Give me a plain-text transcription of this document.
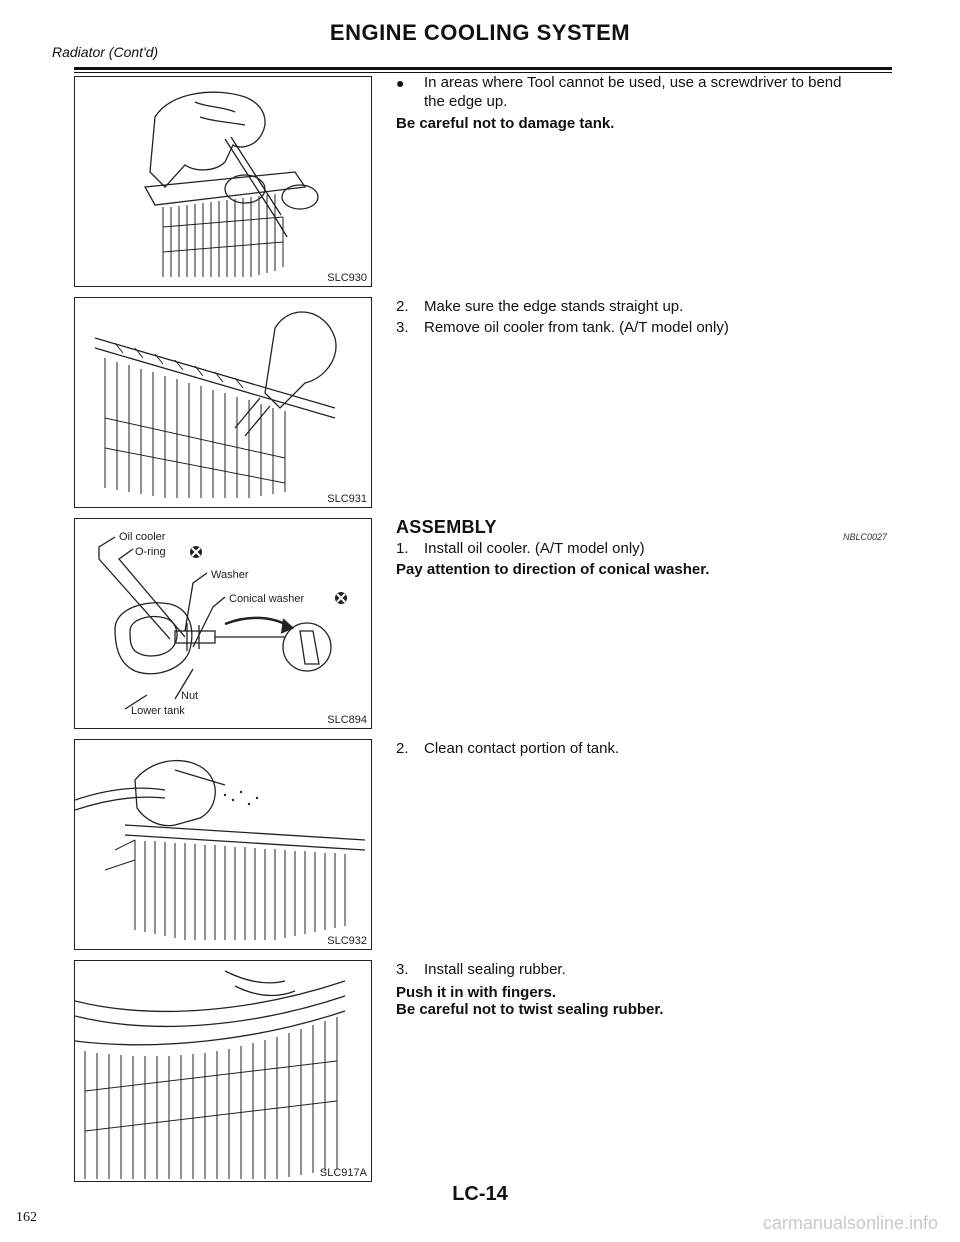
ENGINE COOLING SYSTEM
Radiator (Cont'd)
SLC930
SLC931
Oil cooler
O-ring
Washer
Conical washer
Nut
Lower tank
SLC894
SLC932
SLC917A
● In areas where Tool cannot be used, use a screwdriver to bend
the edge up.
Be careful not to damage tank.
2. Make sure the edge stands straight up.
3. Remove oil cooler from tank. (A/T model only)
ASSEMBLY	NBLC0027
1. Install oil cooler. (A/T model only)
Pay attention to direction of conical washer.
2. Clean contact portion of tank.
3. Install sealing rubber.
Push it in with fingers.
Be careful not to twist sealing rubber.
LC-14
162	carmanualsonline.info
